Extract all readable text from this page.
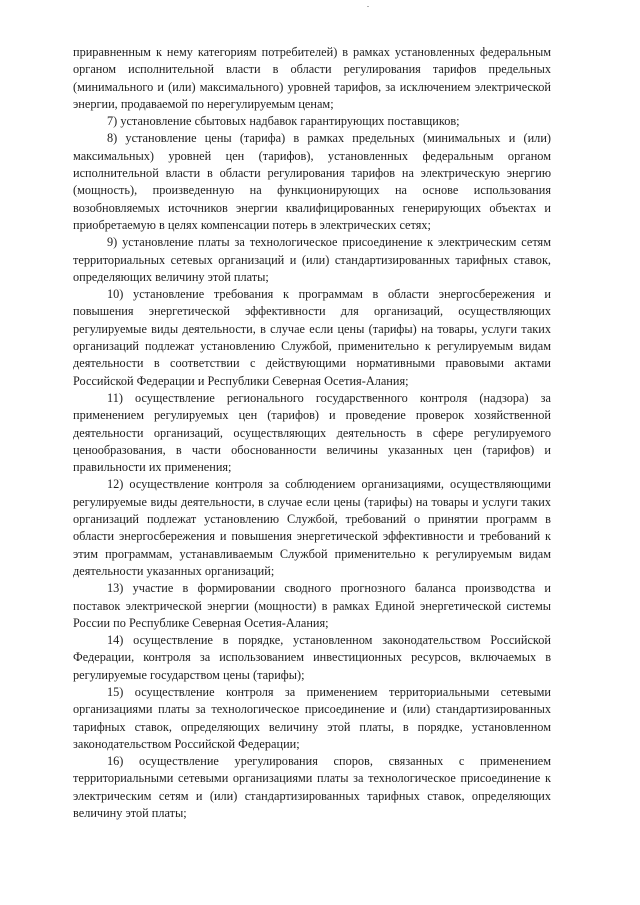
приравненным к нему категориям потребителей) в рамках установленных федеральным органом исполнительной власти в области регулирования тарифов предельных (минимального и (или) максимального) уровней тарифов, за исключением электрической энергии, продаваемой по нерегулируемым ценам;

7) установление сбытовых надбавок гарантирующих поставщиков;

8) установление цены (тарифа) в рамках предельных (минимальных и (или) максимальных) уровней цен (тарифов), установленных федеральным органом исполнительной власти в области регулирования тарифов на электрическую энергию (мощность), произведенную на функционирующих на основе использования возобновляемых источников энергии квалифицированных генерирующих объектах и приобретаемую в целях компенсации потерь в электрических сетях;

9) установление платы за технологическое присоединение к электрическим сетям территориальных сетевых организаций и (или) стандартизированных тарифных ставок, определяющих величину этой платы;

10) установление требования к программам в области энергосбережения и повышения энергетической эффективности для организаций, осуществляющих регулируемые виды деятельности, в случае если цены (тарифы) на товары, услуги таких организаций подлежат установлению Службой, применительно к регулируемым видам деятельности в соответствии с действующими нормативными правовыми актами Российской Федерации и Республики Северная Осетия-Алания;

11) осуществление регионального государственного контроля (надзора) за применением регулируемых цен (тарифов) и проведение проверок хозяйственной деятельности организаций, осуществляющих деятельность в сфере регулируемого ценообразования, в части обоснованности величины указанных цен (тарифов) и правильности их применения;

12) осуществление контроля за соблюдением организациями, осуществляющими регулируемые виды деятельности, в случае если цены (тарифы) на товары и услуги таких организаций подлежат установлению Службой, требований о принятии программ в области энергосбережения и повышения энергетической эффективности и требований к этим программам, устанавливаемым Службой применительно к регулируемым видам деятельности указанных организаций;

13) участие в формировании сводного прогнозного баланса производства и поставок электрической энергии (мощности) в рамках Единой энергетической системы России по Республике Северная Осетия-Алания;

14) осуществление в порядке, установленном законодательством Российской Федерации, контроля за использованием инвестиционных ресурсов, включаемых в регулируемые государством цены (тарифы);

15) осуществление контроля за применением территориальными сетевыми организациями платы за технологическое присоединение и (или) стандартизированных тарифных ставок, определяющих величину этой платы, в порядке, установленном законодательством Российской Федерации;

16) осуществление урегулирования споров, связанных с применением территориальными сетевыми организациями платы за технологическое присоединение к электрическим сетям и (или) стандартизированных тарифных ставок, определяющих величину этой платы;
